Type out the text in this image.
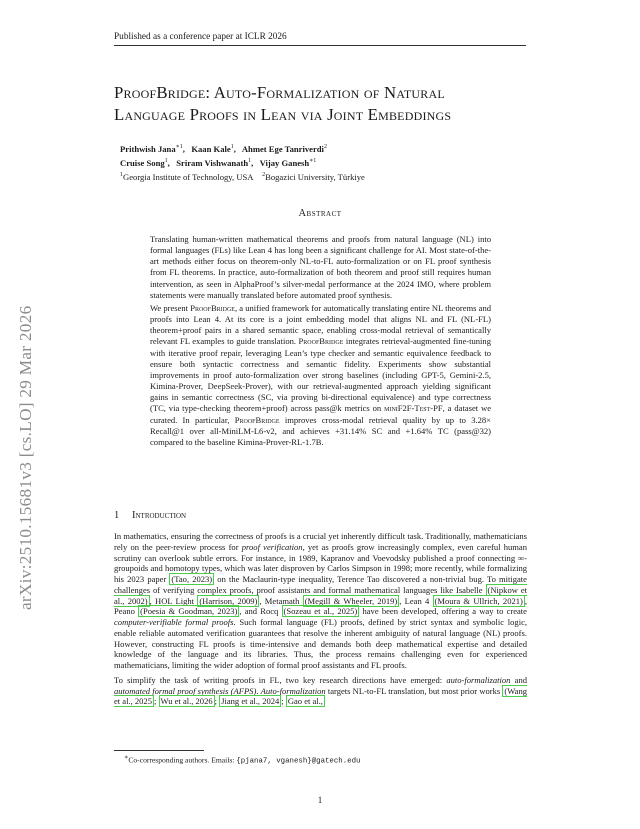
Published as a conference paper at ICLR 2026
arXiv:2510.15681v3 [cs.LO] 29 Mar 2026
ProofBridge: Auto-Formalization of Natural
Language Proofs in Lean via Joint Embeddings
Prithwish Jana$^{∗1}$,   Kaan Kale$^1$,   Ahmet Ege Tanriverdi$^2$
Cruise Song$^1$,   Sriram Vishwanath$^1$,   Vijay Ganesh$^{∗1}$
$^1$Georgia Institute of Technology, USA $^2$Bogazici University, Türkiye
Abstract

Translating human-written mathematical theorems and proofs from natural language (NL) into formal languages (FLs) like Lean 4 has long been a significant challenge for AI. Most state-of-the-art methods either focus on theorem-only NL-to-FL auto-formalization or on FL proof synthesis from FL theorems. In practice, auto-formalization of both theorem and proof still requires human intervention, as seen in AlphaProof’s silver-medal performance at the 2024 IMO, where problem statements were manually translated before automated proof synthesis.

We present ProofBridge, a unified framework for automatically translating entire NL theorems and proofs into Lean 4. At its core is a joint embedding model that aligns NL and FL (NL-FL) theorem+proof pairs in a shared semantic space, enabling cross-modal retrieval of semantically relevant FL examples to guide translation. ProofBridge integrates retrieval-augmented fine-tuning with iterative proof repair, leveraging Lean’s type checker and semantic equivalence feedback to ensure both syntactic correctness and semantic fidelity. Experiments show substantial improvements in proof auto-formalization over strong baselines (including GPT-5, Gemini-2.5, Kimina-Prover, DeepSeek-Prover), with our retrieval-augmented approach yielding significant gains in semantic correctness (SC, via proving bi-directional equivalence) and type correctness (TC, via type-checking theorem+proof) across pass@k metrics on miniF2F-Test-PF, a dataset we curated. In particular, ProofBridge improves cross-modal retrieval quality by up to 3.28× Recall@1 over all-MiniLM-L6-v2, and achieves +31.14% SC and +1.64% TC (pass@32) compared to the baseline Kimina-Prover-RL-1.7B.

1 Introduction

In mathematics, ensuring the correctness of proofs is a crucial yet inherently difficult task. Traditionally, mathematicians rely on the peer-review process for proof verification, yet as proofs grow increasingly complex, even careful human scrutiny can overlook subtle errors. For instance, in 1989, Kapranov and Voevodsky published a proof connecting ∞-groupoids and homotopy types, which was later disproven by Carlos Simpson in 1998; more recently, while formalizing his 2023 paper (Tao, 2023) on the Maclaurin-type inequality, Terence Tao discovered a non-trivial bug. To mitigate challenges of verifying complex proofs, proof assistants and formal mathematical languages like Isabelle (Nipkow et al., 2002) , HOL Light (Harrison, 2009) , Metamath (Megill & Wheeler, 2019) , Lean 4 (Moura & Ullrich, 2021) , Peano (Poesia & Goodman, 2023) , and Rocq (Sozeau et al., 2025) have been developed, offering a way to create computer-verifiable formal proofs. Such formal language (FL) proofs, defined by strict syntax and symbolic logic, enable reliable automated verification guarantees that resolve the inherent ambiguity of natural language (NL) proofs. However, constructing FL proofs is time-intensive and demands both deep mathematical expertise and detailed knowledge of the language and its libraries. Thus, the process remains challenging even for experienced mathematicians, limiting the wider adoption of formal proof assistants and FL proofs.

To simplify the task of writing proofs in FL, two key research directions have emerged: auto-formalization and automated formal proof synthesis (AFPS). Auto-formalization targets NL-to-FL translation, but most prior works (Wang et al., 2025 ; Wu et al., 2026 ; Jiang et al., 2024 ; Gao et al.,

∗Co-corresponding authors. Emails: {pjana7, vganesh}@gatech.edu
1
